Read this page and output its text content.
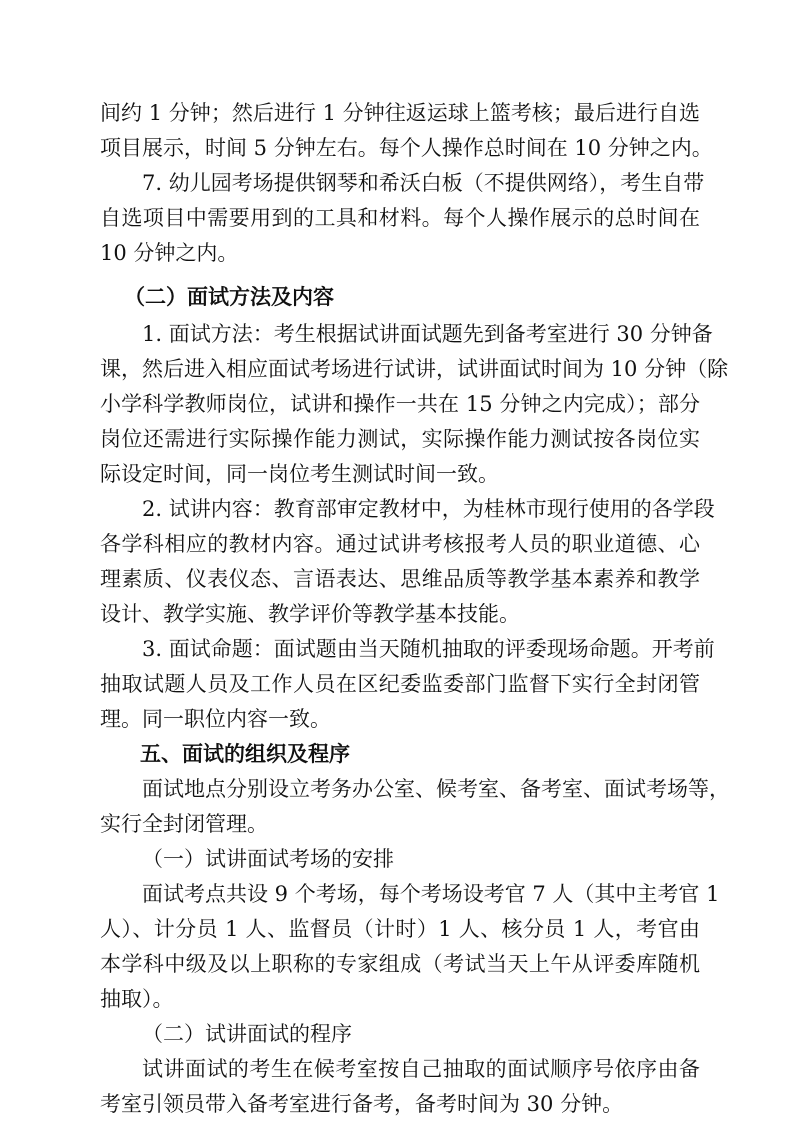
间约 1 分钟；然后进行 1 分钟往返运球上篮考核；最后进行自选
项目展示，时间 5 分钟左右。每个人操作总时间在 10 分钟之内。
7. 幼儿园考场提供钢琴和希沃白板（不提供网络），考生自带
自选项目中需要用到的工具和材料。每个人操作展示的总时间在
10 分钟之内。
（二）面试方法及内容
1. 面试方法：考生根据试讲面试题先到备考室进行 30 分钟备
课，然后进入相应面试考场进行试讲，试讲面试时间为 10 分钟（除
小学科学教师岗位，试讲和操作一共在 15 分钟之内完成）；部分
岗位还需进行实际操作能力测试，实际操作能力测试按各岗位实
际设定时间，同一岗位考生测试时间一致。
2. 试讲内容：教育部审定教材中，为桂林市现行使用的各学段
各学科相应的教材内容。通过试讲考核报考人员的职业道德、心
理素质、仪表仪态、言语表达、思维品质等教学基本素养和教学
设计、教学实施、教学评价等教学基本技能。
3. 面试命题：面试题由当天随机抽取的评委现场命题。开考前
抽取试题人员及工作人员在区纪委监委部门监督下实行全封闭管
理。同一职位内容一致。
五、面试的组织及程序
面试地点分别设立考务办公室、候考室、备考室、面试考场等，
实行全封闭管理。
（一）试讲面试考场的安排
面试考点共设 9 个考场，每个考场设考官 7 人（其中主考官 1
人）、计分员 1 人、监督员（计时）1 人、核分员 1 人，考官由
本学科中级及以上职称的专家组成（考试当天上午从评委库随机
抽取）。
（二）试讲面试的程序
试讲面试的考生在候考室按自己抽取的面试顺序号依序由备
考室引领员带入备考室进行备考，备考时间为 30 分钟。
